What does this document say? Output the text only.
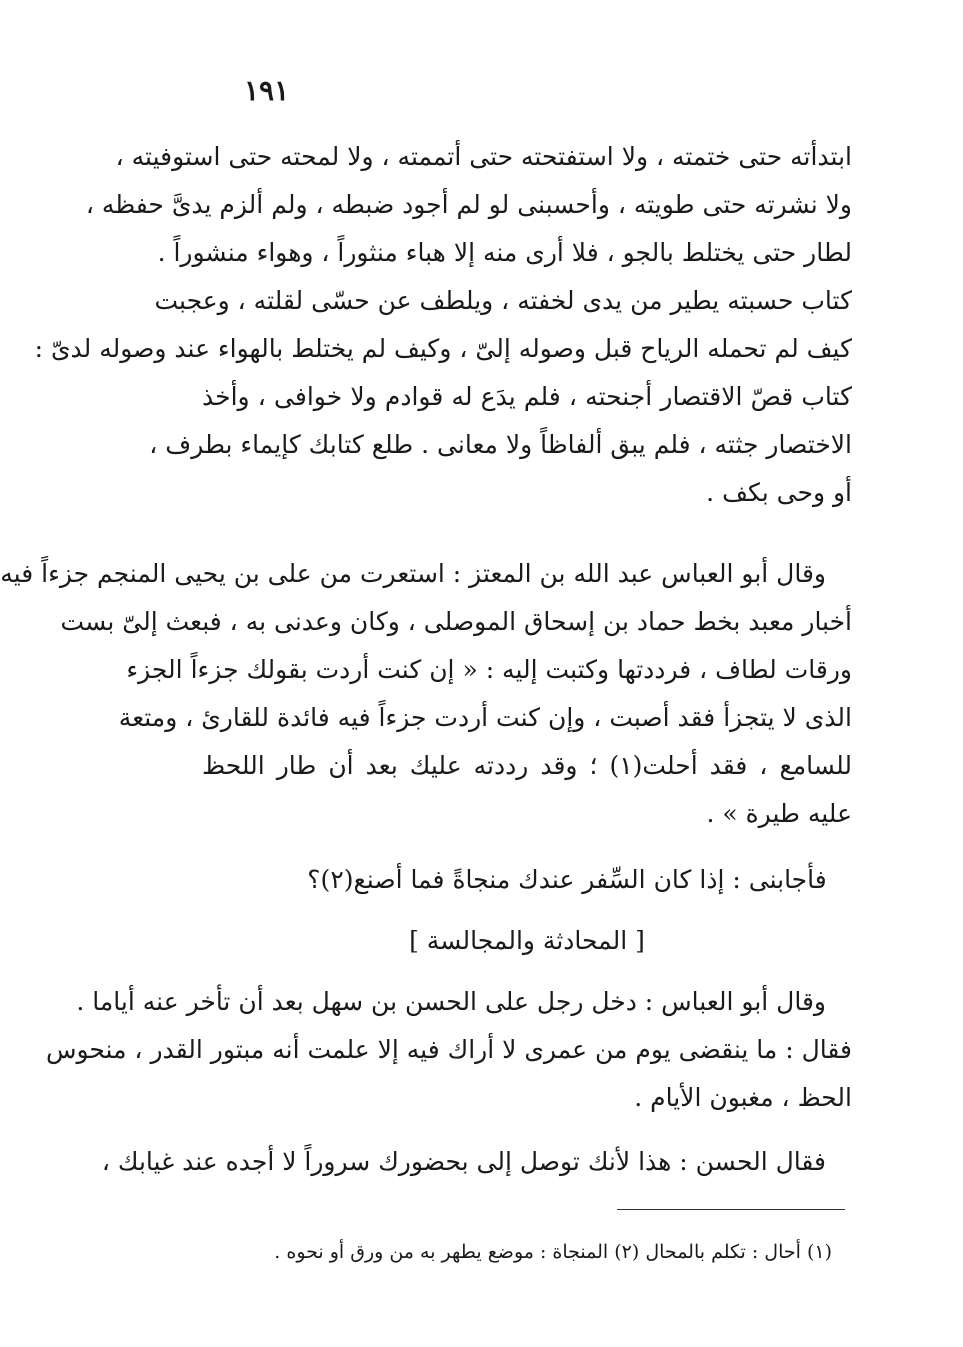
١٩١

ابتدأته حتى ختمته ، ولا استفتحته حتى أتممته ، ولا لمحته حتى استوفيته ،

ولا نشرته حتى طويته ، وأحسبنى لو لم أجود ضبطه ، ولم ألزم يدىَّ حفظه ،

لطار حتى يختلط بالجو ، فلا أرى منه إلا هباء منثوراً ، وهواء منشوراً .

كتاب حسبته يطير من يدى لخفته ، ويلطف عن حسّى لقلته ، وعجبت

كيف لم تحمله الرياح قبل وصوله إلىّ ، وكيف لم يختلط بالهواء عند وصوله لدىّ :

كتاب قصّ الاقتصار أجنحته ، فلم يدَع له قوادم ولا خوافى ، وأخذ

الاختصار جثته ، فلم يبق ألفاظاً ولا معانى . طلع كتابك كإيماء بطرف ،

أو وحى بكف .

وقال أبو العباس عبد الله بن المعتز : استعرت من على بن يحيى المنجم جزءاً فيه

أخبار معبد بخط حماد بن إسحاق الموصلى ، وكان وعدنى به ، فبعث إلىّ بست

ورقات لطاف ، فرددتها وكتبت إليه : « إن كنت أردت بقولك جزءاً الجزء

الذى لا يتجزأ فقد أصبت ، وإن كنت أردت جزءاً فيه فائدة للقارئ ، ومتعة

للسامع ، فقد أحلت(١) ؛ وقد رددته عليك بعد أن طار اللحظ

عليه طيرة » .

فأجابنى : إذا كان السِّفر عندك منجاةً فما أصنع(٢)؟

[ المحادثة والمجالسة ]

وقال أبو العباس : دخل رجل على الحسن بن سهل بعد أن تأخر عنه أياما .

فقال : ما ينقضى يوم من عمرى لا أراك فيه إلا علمت أنه مبتور القدر ، منحوس

الحظ ، مغبون الأيام .

فقال الحسن : هذا لأنك توصل إلى بحضورك سروراً لا أجده عند غيابك ،

(١) أحال : تكلم بالمحال (٢) المنجاة : موضع يطهر به من ورق أو نحوه .
